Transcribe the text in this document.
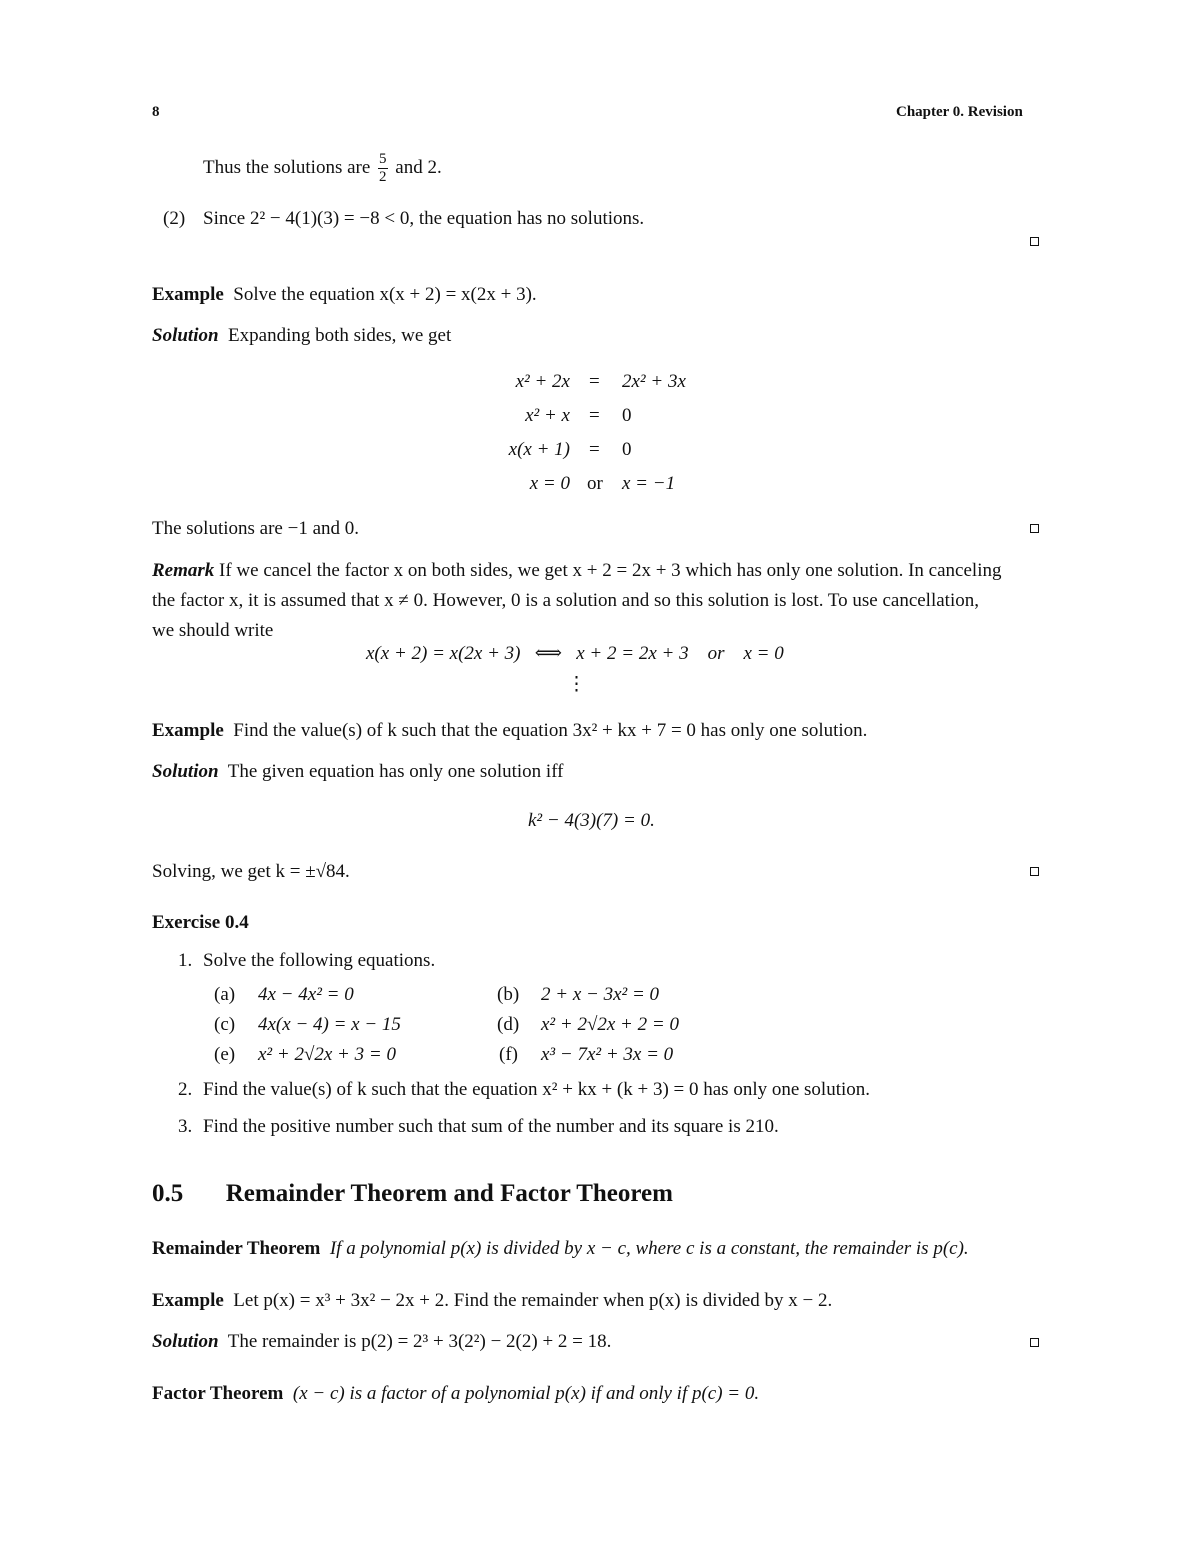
8	Chapter 0. Revision
Thus the solutions are $\frac{5}{2}$ and 2.
(2) Since 2² − 4(1)(3) = −8 < 0, the equation has no solutions.
Example Solve the equation x(x + 2) = x(2x + 3).
Solution Expanding both sides, we get
x² + 2x = 2x² + 3x
x² + x = 0
x(x + 1) = 0
x = 0 or x = −1
The solutions are −1 and 0.
Remark If we cancel the factor x on both sides, we get x + 2 = 2x + 3 which has only one solution. In canceling
the factor x, it is assumed that x ≠ 0. However, 0 is a solution and so this solution is lost. To use cancellation,
we should write
x(x + 2) = x(2x + 3)   ⟺   x + 2 = 2x + 3    or    x = 0
⋮
Example Find the value(s) of k such that the equation 3x² + kx + 7 = 0 has only one solution.
Solution The given equation has only one solution iff
k² − 4(3)(7) = 0.
Solving, we get k = ±√84.
Exercise 0.4
1. Solve the following equations.
(a) 4x − 4x² = 0	(b) 2 + x − 3x² = 0
(c) 4x(x − 4) = x − 15	(d) x² + 2√2x + 2 = 0
(e) x² + 2√2x + 3 = 0	(f) x³ − 7x² + 3x = 0
2. Find the value(s) of k such that the equation x² + kx + (k + 3) = 0 has only one solution.
3. Find the positive number such that sum of the number and its square is 210.
0.5 Remainder Theorem and Factor Theorem
Remainder Theorem If a polynomial p(x) is divided by x − c, where c is a constant, the remainder is p(c).
Example Let p(x) = x³ + 3x² − 2x + 2. Find the remainder when p(x) is divided by x − 2.
Solution The remainder is p(2) = 2³ + 3(2²) − 2(2) + 2 = 18.
Factor Theorem (x − c) is a factor of a polynomial p(x) if and only if p(c) = 0.
